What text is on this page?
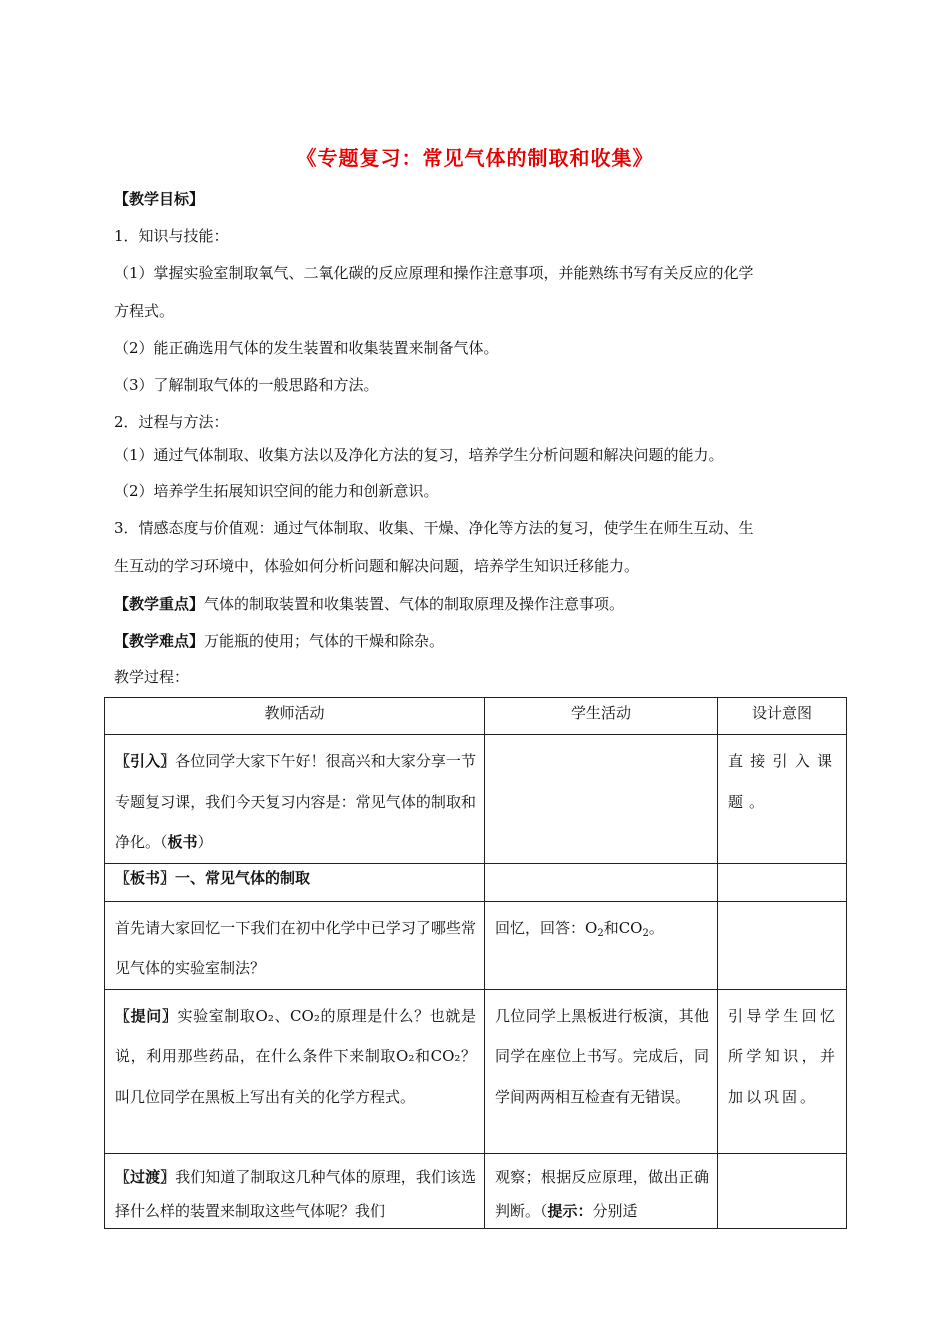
《专题复习：常见气体的制取和收集》
【教学目标】
1．知识与技能：
（1）掌握实验室制取氧气、二氧化碳的反应原理和操作注意事项，并能熟练书写有关反应的化学
方程式。
（2）能正确选用气体的发生装置和收集装置来制备气体。
（3）了解制取气体的一般思路和方法。
2．过程与方法：
（1）通过气体制取、收集方法以及净化方法的复习，培养学生分析问题和解决问题的能力。
（2）培养学生拓展知识空间的能力和创新意识。
3．情感态度与价值观：通过气体制取、收集、干燥、净化等方法的复习，使学生在师生互动、生
生互动的学习环境中，体验如何分析问题和解决问题，培养学生知识迁移能力。
【教学重点】气体的制取装置和收集装置、气体的制取原理及操作注意事项。
【教学难点】万能瓶的使用；气体的干燥和除杂。
教学过程：
教师活动	学生活动	设计意图
〖引入〗各位同学大家下午好！很高兴和大家分享一节专题复习课，我们今天复习内容是：常见气体的制取和净化。（板书）		直接引入课题。
〖板书〗一、常见气体的制取		
首先请大家回忆一下我们在初中化学中已学习了哪些常见气体的实验室制法？	回忆，回答：$O_2$和$CO_2$。	
〖提问〗实验室制取O₂、CO₂的原理是什么？也就是说，利用那些药品，在什么条件下来制取O₂和CO₂？叫几位同学在黑板上写出有关的化学方程式。	几位同学上黑板进行板演，其他同学在座位上书写。完成后，同学间两两相互检查有无错误。	引导学生回忆所学知识，并加以巩固。
〖过渡〗我们知道了制取这几种气体的原理，我们该选择什么样的装置来制取这些气体呢？我们	观察；根据反应原理，做出正确判断。（提示：分别适	
